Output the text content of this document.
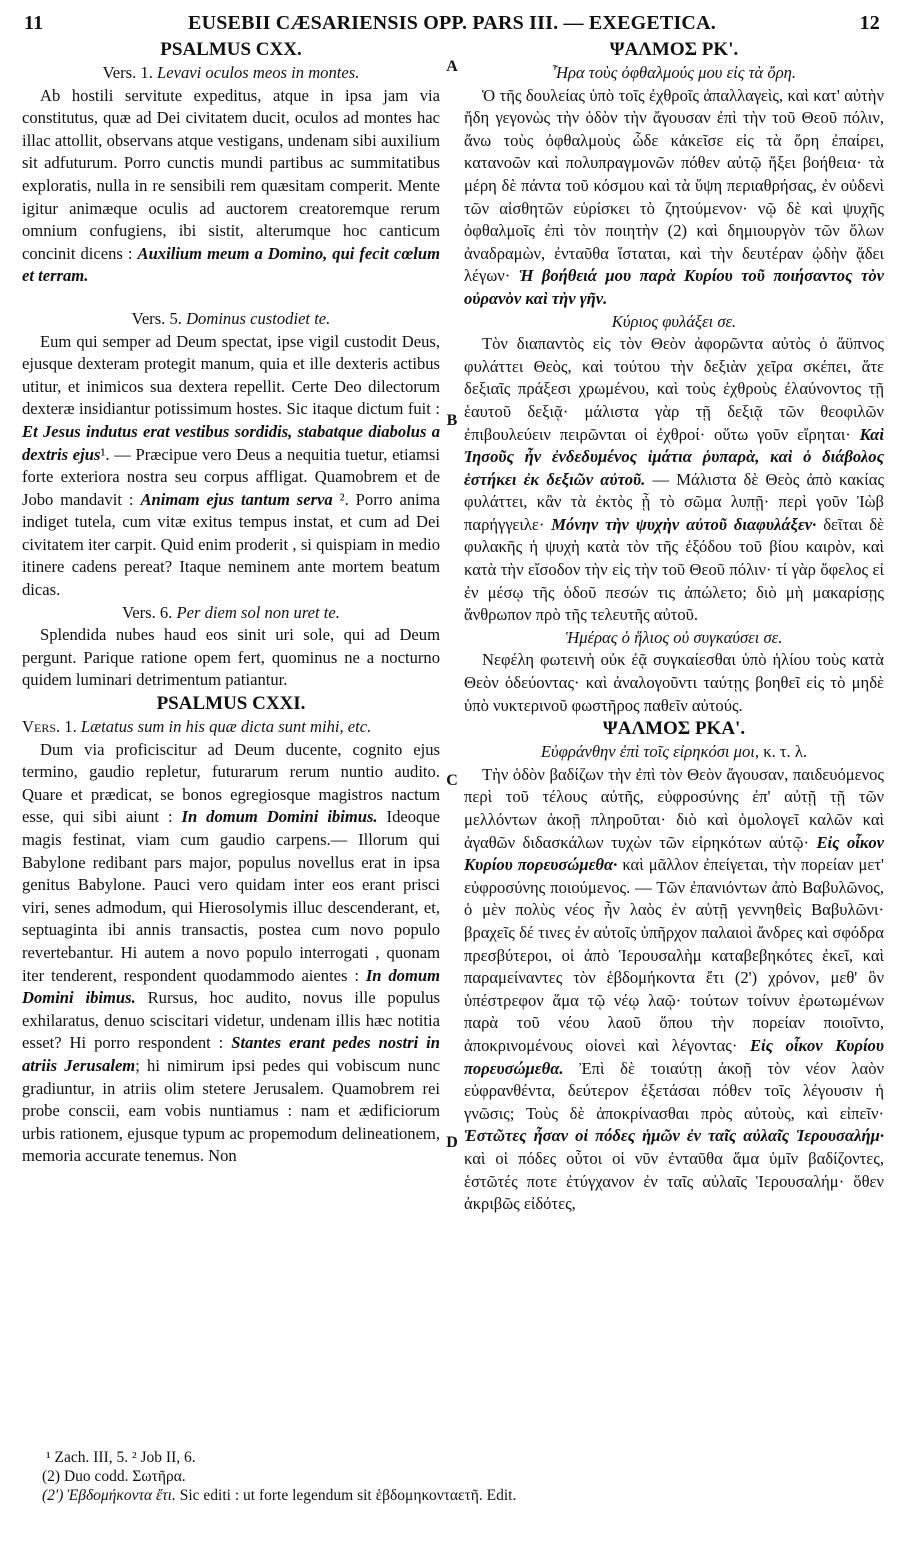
11	EUSEBII CÆSARIENSIS OPP. PARS III. — EXEGETICA.	12
A
B
C
D
PSALMUS CXX.
Vers. 1. Levavi oculos meos in montes.

Ab hostili servitute expeditus, atque in ipsa jam via constitutus, quæ ad Dei civitatem ducit, oculos ad montes hac illac attollit, observans atque vestigans, undenam sibi auxilium sit adfuturum. Porro cunctis mundi partibus ac summitatibus exploratis, nulla in re sensibili rem quæsitam comperit. Mente igitur animæque oculis ad auctorem creatoremque rerum omnium confugiens, ibi sistit, alterumque hoc canticum concinit dicens : Auxilium meum a Domino, qui fecit cœlum et terram.

Vers. 5. Dominus custodiet te.

Eum qui semper ad Deum spectat, ipse vigil custodit Deus, ejusque dexteram protegit manum, quia et ille dexteris actibus utitur, et inimicos sua dextera repellit. Certe Deo dilectorum dexteræ insidiantur potissimum hostes. Sic itaque dictum fuit : Et Jesus indutus erat vestibus sordidis, stabatque diabolus a dextris ejus¹. — Præcipue vero Deus a nequitia tuetur, etiamsi forte exteriora nostra seu corpus affligat. Quamobrem et de Jobo mandavit : Animam ejus tantum serva ². Porro anima indiget tutela, cum vitæ exitus tempus instat, et cum ad Dei civitatem iter carpit. Quid enim proderit , si quispiam in medio itinere cadens pereat? Itaque neminem ante mortem beatum dicas.

Vers. 6. Per diem sol non uret te.

Splendida nubes haud eos sinit uri sole, qui ad Deum pergunt. Parique ratione opem fert, quominus ne a nocturno quidem luminari detrimentum patiantur.

PSALMUS CXXI.

Vers. 1. Lætatus sum in his quæ dicta sunt mihi, etc.

Dum via proficiscitur ad Deum ducente, cognito ejus termino, gaudio repletur, futurarum rerum nuntio audito. Quare et prædicat, se bonos egregiosque magistros nactum esse, qui sibi aiunt : In domum Domini ibimus. Ideoque magis festinat, viam cum gaudio carpens.— Illorum qui Babylone redibant pars major, populus novellus erat in ipsa genitus Babylone. Pauci vero quidam inter eos erant prisci viri, senes admodum, qui Hierosolymis illuc descenderant, et, septuaginta ibi annis transactis, postea cum novo populo revertebantur. Hi autem a novo populo interrogati , quonam iter tenderent, respondent quodammodo aientes : In domum Domini ibimus. Rursus, hoc audito, novus ille populus exhilaratus, denuo sciscitari videtur, undenam illis hæc notitia esset? Hi porro respondent : Stantes erant pedes nostri in atriis Jerusalem; hi nimirum ipsi pedes qui vobiscum nunc gradiuntur, in atriis olim stetere Jerusalem. Quamobrem rei probe conscii, eam vobis nuntiamus : nam et ædificiorum urbis rationem, ejusque typum ac propemodum delineationem, memoria accurate tenemus. Non

ΨΑΛΜΟΣ ΡΚ'.
Ἦρα τοὺς ὀφθαλμούς μου εἰς τὰ ὄρη.

Ὁ τῆς δουλείας ὑπὸ τοῖς ἐχθροῖς ἀπαλλαγεὶς, καὶ κατ' αὐτὴν ἤδη γεγονὼς τὴν ὁδὸν τὴν ἄγουσαν ἐπὶ τὴν τοῦ Θεοῦ πόλιν, ἄνω τοὺς ὀφθαλμοὺς ὧδε κἀκεῖσε εἰς τὰ ὄρη ἐπαίρει, κατανοῶν καὶ πολυπραγμονῶν πόθεν αὐτῷ ἥξει βοήθεια· τὰ μέρη δὲ πάντα τοῦ κόσμου καὶ τὰ ὕψη περιαθρήσας, ἐν οὐδενὶ τῶν αἰσθητῶν εὑρίσκει τὸ ζητούμενον· νῷ δὲ καὶ ψυχῆς ὀφθαλμοῖς ἐπὶ τὸν ποιητὴν (2) καὶ δημιουργὸν τῶν ὅλων ἀναδραμὼν, ἐνταῦθα ἵσταται, καὶ τὴν δευτέραν ᾠδὴν ᾄδει λέγων· Ἡ βοήθειά μου παρὰ Κυρίου τοῦ ποιήσαντος τὸν οὐρανὸν καὶ τὴν γῆν.

Κύριος φυλάξει σε.

Τὸν διαπαντὸς εἰς τὸν Θεὸν ἀφορῶντα αὐτὸς ὁ ἄϋπνος φυλάττει Θεὸς, καὶ τούτου τὴν δεξιὰν χεῖρα σκέπει, ἅτε δεξιαῖς πράξεσι χρωμένου, καὶ τοὺς ἐχθροὺς ἐλαύνοντος τῇ ἑαυτοῦ δεξιᾷ· μάλιστα γὰρ τῇ δεξιᾷ τῶν θεοφιλῶν ἐπιβουλεύειν πειρῶνται οἱ ἐχθροί· οὕτω γοῦν εἴρηται· Καὶ Ἰησοῦς ἦν ἐνδεδυμένος ἱμάτια ῥυπαρὰ, καὶ ὁ διάβολος ἑστήκει ἐκ δεξιῶν αὐτοῦ. — Μάλιστα δὲ Θεὸς ἀπὸ κακίας φυλάττει, κἂν τὰ ἐκτὸς ᾖ τὸ σῶμα λυπῇ· περὶ γοῦν Ἰὼβ παρήγγειλε· Μόνην τὴν ψυχὴν αὐτοῦ διαφυλάξεν· δεῖται δὲ φυλακῆς ἡ ψυχὴ κατὰ τὸν τῆς ἐξόδου τοῦ βίου καιρὸν, καὶ κατὰ τὴν εἴσοδον τὴν εἰς τὴν τοῦ Θεοῦ πόλιν· τί γὰρ ὄφελος εἰ ἐν μέσῳ τῆς ὁδοῦ πεσών τις ἀπώλετο; διὸ μὴ μακαρίσῃς ἄνθρωπον πρὸ τῆς τελευτῆς αὐτοῦ.

Ἡμέρας ὁ ἥλιος οὐ συγκαύσει σε.

Νεφέλη φωτεινὴ οὐκ ἐᾷ συγκαίεσθαι ὑπὸ ἡλίου τοὺς κατὰ Θεὸν ὁδεύοντας· καὶ ἀναλογοῦντι ταύτῃς βοηθεῖ εἰς τὸ μηδὲ ὑπὸ νυκτερινοῦ φωστῆρος παθεῖν αὐτούς.

ΨΑΛΜΟΣ ΡΚΑ'.
Εὐφράνθην ἐπὶ τοῖς εἰρηκόσι μοι, κ. τ. λ.

Τὴν ὁδὸν βαδίζων τὴν ἐπὶ τὸν Θεὸν ἄγουσαν, παιδευόμενος περὶ τοῦ τέλους αὐτῆς, εὐφροσύνης ἐπ' αὐτῇ τῇ τῶν μελλόντων ἀκοῇ πληροῦται· διὸ καὶ ὁμολογεῖ καλῶν καὶ ἀγαθῶν διδασκάλων τυχὼν τῶν εἰρηκότων αὐτῷ· Εἰς οἶκον Κυρίου πορευσώμεθα· καὶ μᾶλλον ἐπείγεται, τὴν πορείαν μετ' εὐφροσύνης ποιούμενος. — Τῶν ἐπανιόντων ἀπὸ Βαβυλῶνος, ὁ μὲν πολὺς νέος ἦν λαὸς ἐν αὐτῇ γεννηθεὶς Βαβυλῶνι· βραχεῖς δέ τινες ἐν αὐτοῖς ὑπῆρχον παλαιοὶ ἄνδρες καὶ σφόδρα πρεσβύτεροι, οἱ ἀπὸ Ἱερουσαλὴμ καταβεβηκότες ἐκεῖ, καὶ παραμείναντες τὸν ἑβδομήκοντα ἔτι (2') χρόνον, μεθ' ὃν ὑπέστρεφον ἅμα τῷ νέῳ λαῷ· τούτων τοίνυν ἐρωτωμένων παρὰ τοῦ νέου λαοῦ ὅπου τὴν πορείαν ποιοῖντο, ἀποκρινομένους οἱονεὶ καὶ λέγοντας· Εἰς οἶκον Κυρίου πορευσώμεθα. Ἐπὶ δὲ τοιαύτῃ ἀκοῇ τὸν νέον λαὸν εὐφρανθέντα, δεύτερον ἐξετάσαι πόθεν τοῖς λέγουσιν ἡ γνῶσις; Τοὺς δὲ ἀποκρίνασθαι πρὸς αὐτοὺς, καὶ εἰπεῖν· Ἑστῶτες ἦσαν οἱ πόδες ἡμῶν ἐν ταῖς αὐλαῖς Ἱερουσαλήμ· καὶ οἱ πόδες οὗτοι οἱ νῦν ἐνταῦθα ἅμα ὑμῖν βαδίζοντες, ἑστῶτές ποτε ἐτύγχανον ἐν ταῖς αὐλαῖς Ἱερουσαλήμ· ὅθεν ἀκριβῶς εἰδότες,

¹ Zach. III, 5. ² Job II, 6.

(2) Duo codd. Σωτῆρα.

(2') Ἑβδομήκοντα ἔτι. Sic editi : ut forte legendum sit ἑβδομηκονταετῆ. Edit.
